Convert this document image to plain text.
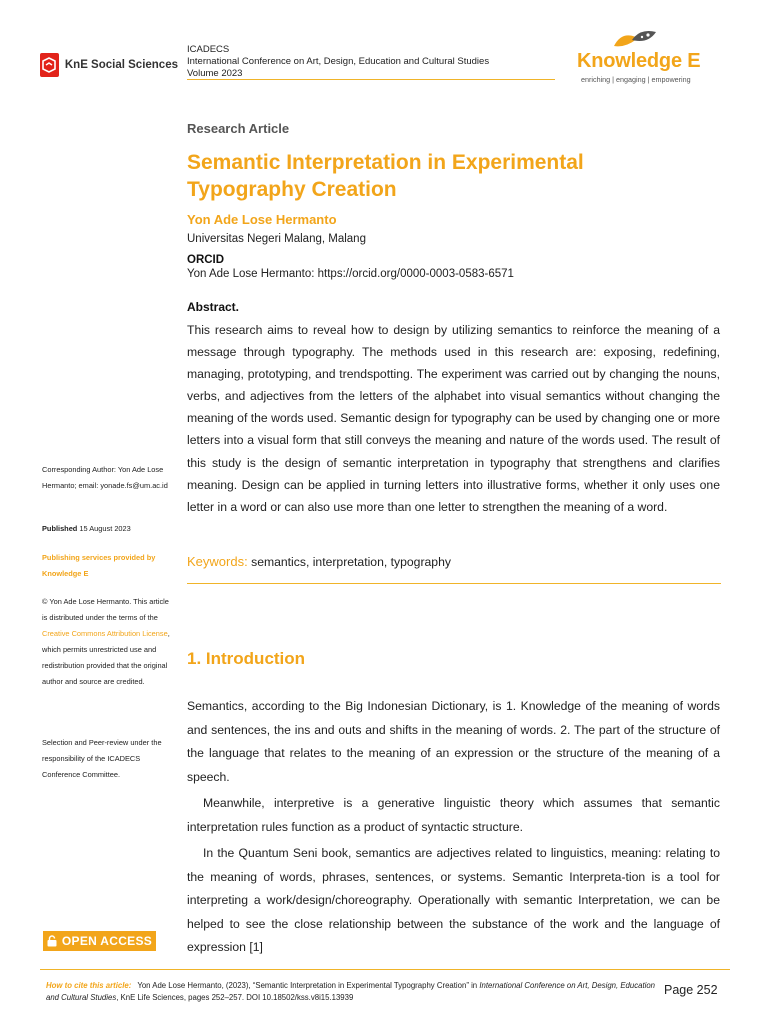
KnE Social Sciences
ICADECS
International Conference on Art, Design, Education and Cultural Studies
Volume 2023
Knowledge E
enriching | engaging | empowering
Research Article
Semantic Interpretation in Experimental Typography Creation
Yon Ade Lose Hermanto
Universitas Negeri Malang, Malang
ORCID
Yon Ade Lose Hermanto: https://orcid.org/0000-0003-0583-6571
Abstract.
This research aims to reveal how to design by utilizing semantics to reinforce the meaning of a message through typography. The methods used in this research are: exposing, redefining, managing, prototyping, and trendspotting. The experiment was carried out by changing the nouns, verbs, and adjectives from the letters of the alphabet into visual semantics without changing the meaning of the words used. Semantic design for typography can be used by changing one or more letters into a visual form that still conveys the meaning and nature of the words used. The result of this study is the design of semantic interpretation in typography that strengthens and clarifies meaning. Design can be applied in turning letters into illustrative forms, whether it only uses one letter in a word or can also use more than one letter to strengthen the meaning of a word.
Keywords: semantics, interpretation, typography
1. Introduction
Semantics, according to the Big Indonesian Dictionary, is 1. Knowledge of the meaning of words and sentences, the ins and outs and shifts in the meaning of words. 2. The part of the structure of the language that relates to the meaning of an expression or the structure of the meaning of a speech.
Meanwhile, interpretive is a generative linguistic theory which assumes that semantic interpretation rules function as a product of syntactic structure.
In the Quantum Seni book, semantics are adjectives related to linguistics, meaning: relating to the meaning of words, phrases, sentences, or systems. Semantic Interpreta-tion is a tool for interpreting a work/design/choreography. Operationally with semantic Interpretation, we can be helped to see the close relationship between the substance of the work and the language of expression [1]
Corresponding Author: Yon Ade Lose Hermanto; email: yonade.fs@um.ac.id
Published 15 August 2023
Publishing services provided by Knowledge E
© Yon Ade Lose Hermanto. This article is distributed under the terms of the Creative Commons Attribution License, which permits unrestricted use and redistribution provided that the original author and source are credited.
Selection and Peer-review under the responsibility of the ICADECS Conference Committee.
OPEN ACCESS
How to cite this article: Yon Ade Lose Hermanto, (2023), “Semantic Interpretation in Experimental Typography Creation” in International Conference on Art, Design, Education and Cultural Studies, KnE Life Sciences, pages 252–257. DOI 10.18502/kss.v8i15.13939	Page 252
